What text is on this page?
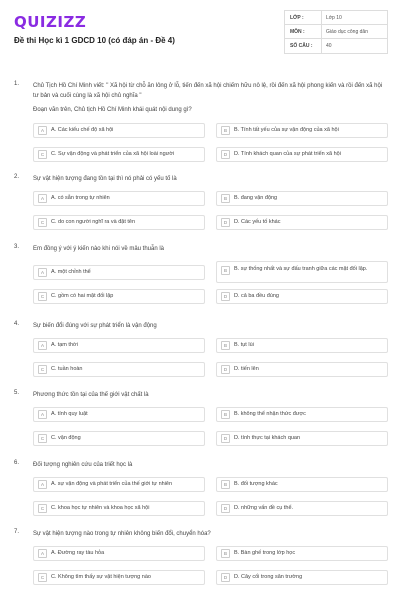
QUIZIZZ
Đề thi Học kì 1 GDCD 10 (có đáp án - Đề 4)
LỚP :	Lớp 10
MÔN :	Giáo dục công dân
SỐ CÂU :	40
1. Chủ Tịch Hồ Chí Minh viết: " Xã hội từ chỗ ăn lông ở lỗ, tiến đến xã hội chiếm hữu nô lệ, rồi đến xã hội phong kiến và rồi đến xã hội tư bản và cuối cùng là xã hội chủ nghĩa "
Đoạn văn trên, Chủ tịch Hồ Chí Minh khái quát nội dung gì?
A	A. Các kiểu chế độ xã hội	B	B. Tính tất yếu của sự vận động của xã hội
C	C. Sự vận động và phát triển của xã hội loài người	D	D. Tính khách quan của sự phát triển xã hội
2. Sự vật hiện tượng đang tồn tại thì nó phải có yếu tố là
A	A. có sẵn trong tự nhiên	B	B. đang vận động
C	C. do con người nghĩ ra và đặt tên	D	D. Các yếu tố khác
3. Em đồng ý với ý kiến nào khi nói về mâu thuẫn là
A	A. một chỉnh thể	B	B. sự thống nhất và sự đấu tranh giữa các mặt đối lập.
C	C. gồm có hai mặt đối lập	D	D. cả ba đều đúng
4. Sự biến đổi đúng với sự phát triển là vận động
A	A. tạm thời	B	B. tụt lùi
C	C. tuần hoàn	D	D. tiến lên
5. Phương thức tồn tại của thế giới vật chất là
A	A. tính quy luật	B	B. không thể nhận thức được
C	C. vận động	D	D. tính thực tại khách quan
6. Đối tượng nghiên cứu của triết học là
A	A. sự vận động và phát triển của thế giới tự nhiên	B	B. đối tượng khác
C	C. khoa học tự nhiên và khoa học xã hội	D	D. những vấn đề cụ thể.
7. Sự vật hiện tượng nào trong tự nhiên không biến đổi, chuyển hóa?
A	A. Đường ray tàu hỏa	B	B. Bàn ghế trong lớp học
C	C. Không tìm thấy sự vật hiện tượng nào	D	D. Cây cối trong sân trường
